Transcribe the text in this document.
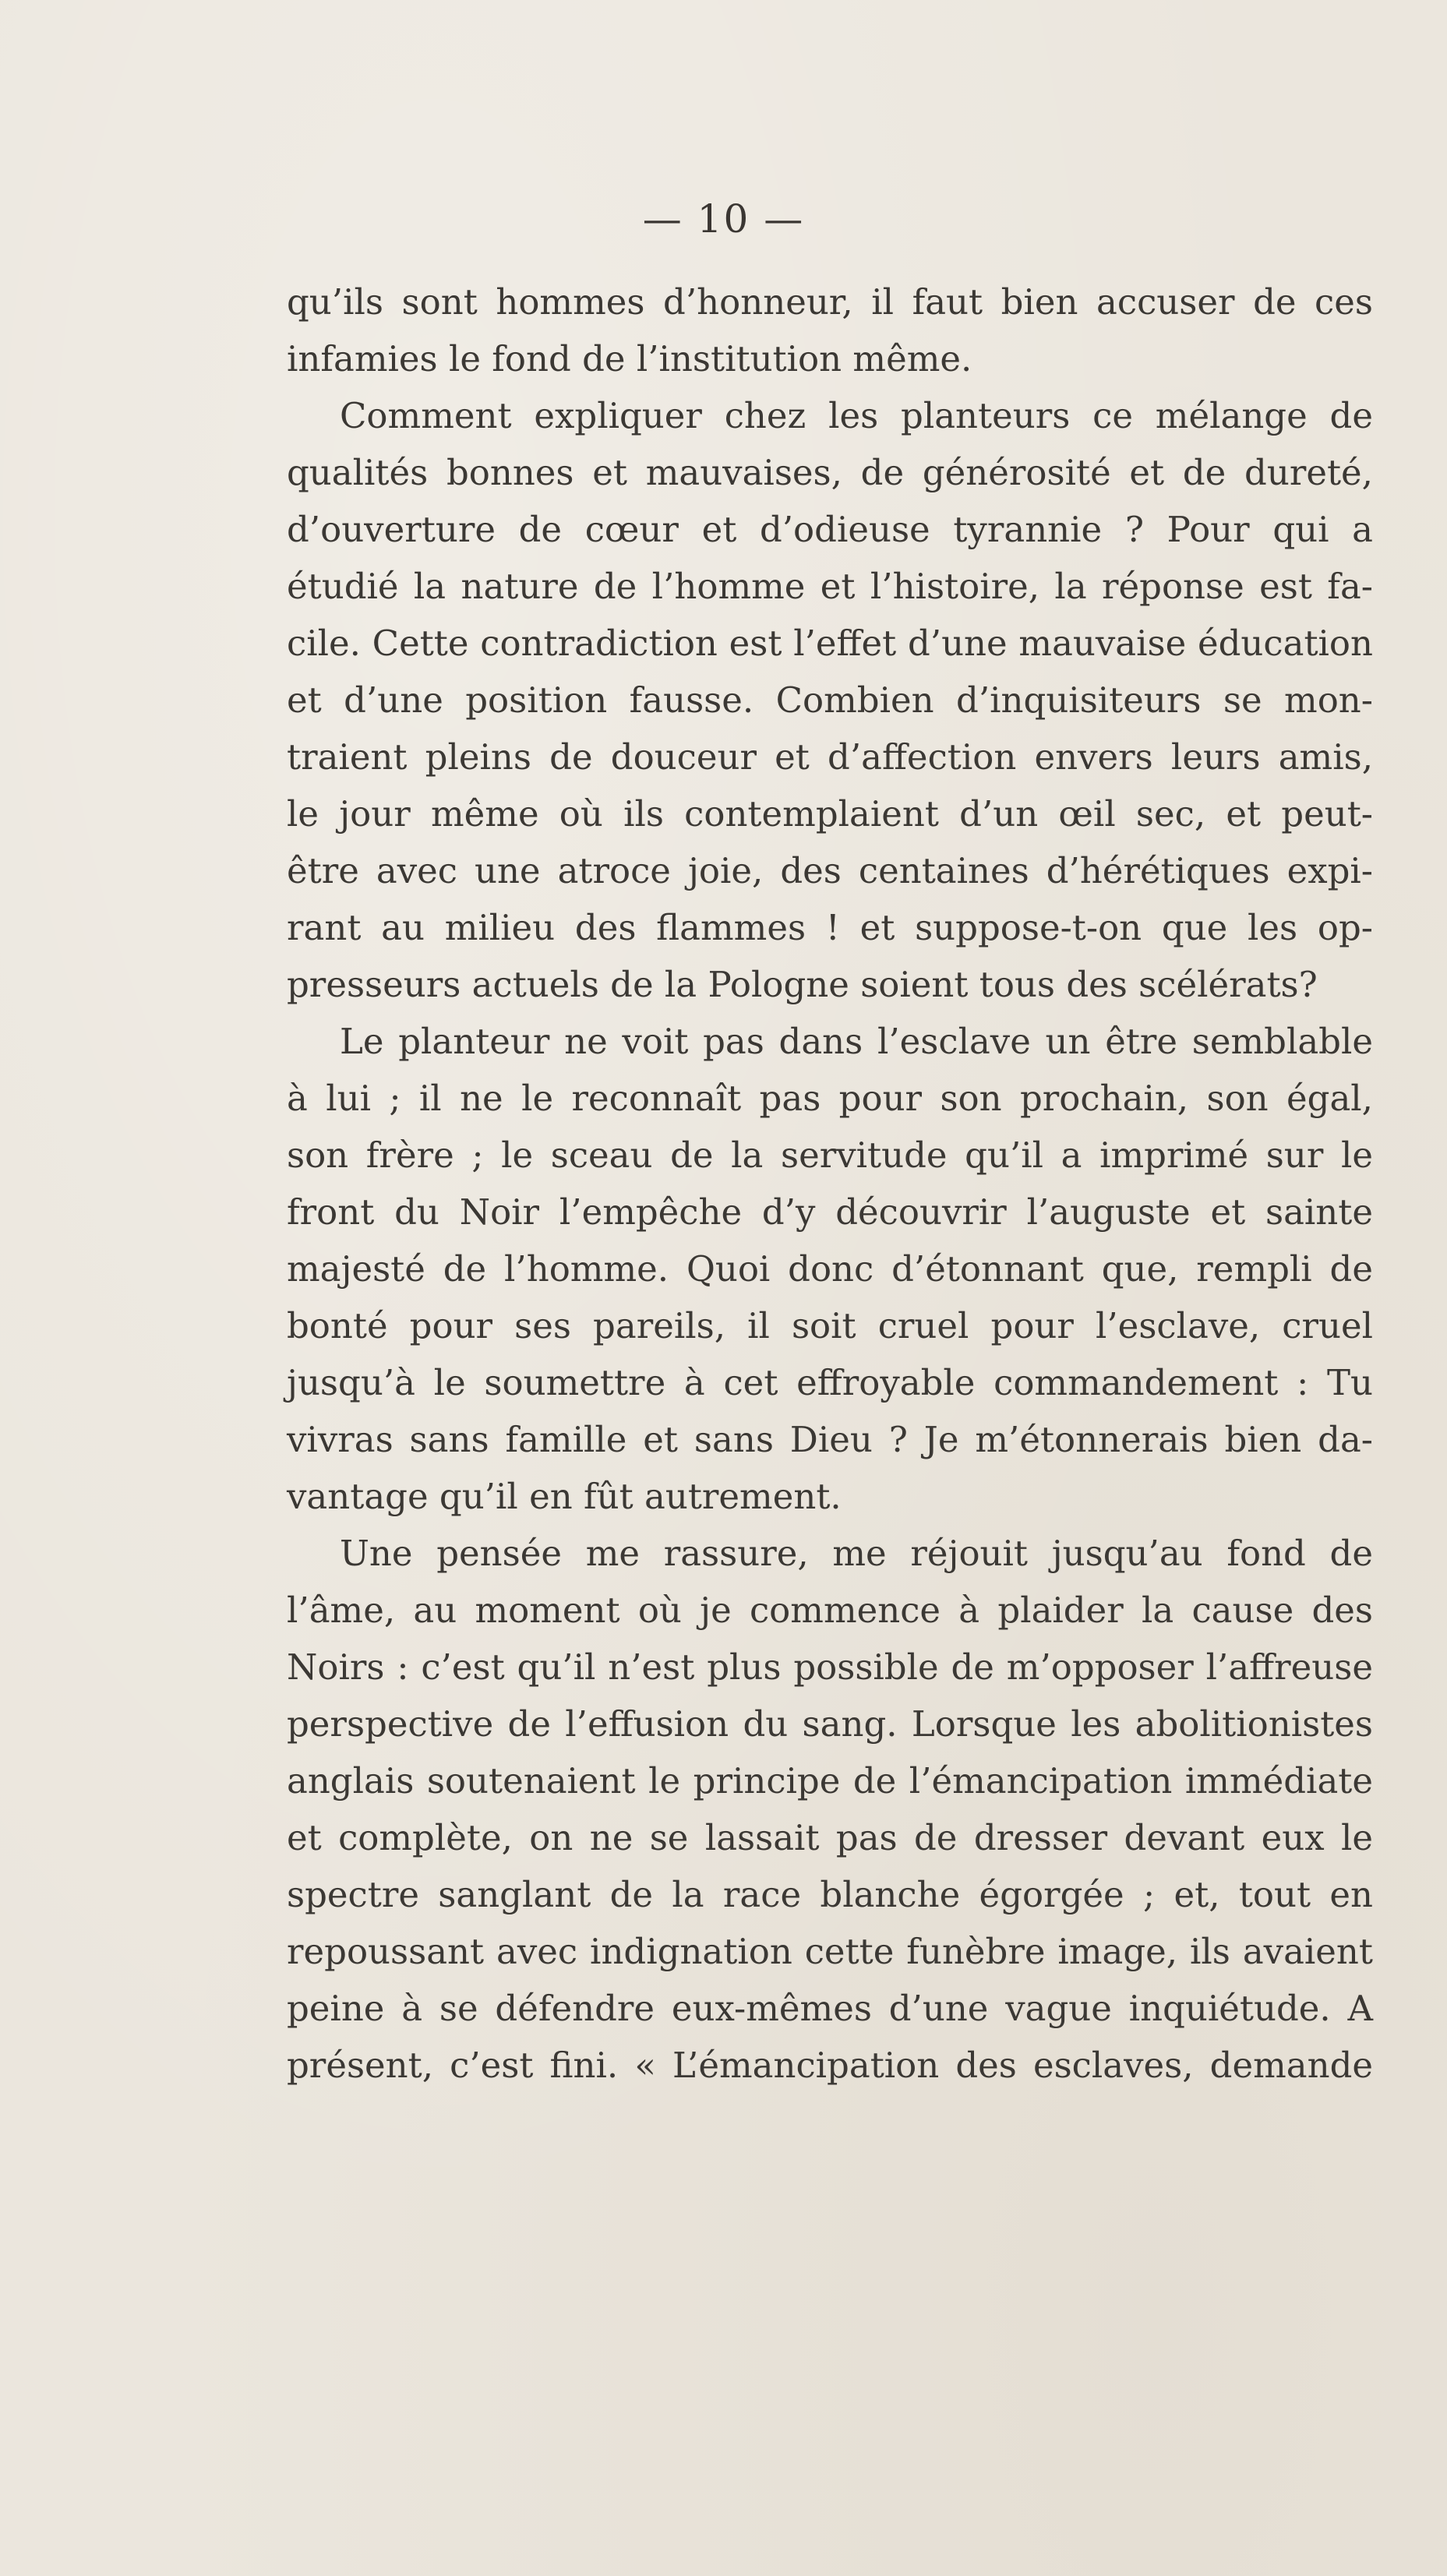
— 10 —
qu’ils sont hommes d’honneur, il faut bien accuser de ces
infamies le fond de l’institution même.
Comment expliquer chez les planteurs ce mélange de
qualités bonnes et mauvaises, de générosité et de dureté,
d’ouverture de cœur et d’odieuse tyrannie ? Pour qui a
étudié la nature de l’homme et l’histoire, la réponse est fa-
cile. Cette contradiction est l’effet d’une mauvaise éducation
et d’une position fausse. Combien d’inquisiteurs se mon-
traient pleins de douceur et d’affection envers leurs amis,
le jour même où ils contemplaient d’un œil sec, et peut-
être avec une atroce joie, des centaines d’hérétiques expi-
rant au milieu des flammes ! et suppose-t-on que les op-
presseurs actuels de la Pologne soient tous des scélérats?
Le planteur ne voit pas dans l’esclave un être semblable
à lui ; il ne le reconnaît pas pour son prochain, son égal,
son frère ; le sceau de la servitude qu’il a imprimé sur le
front du Noir l’empêche d’y découvrir l’auguste et sainte
majesté de l’homme. Quoi donc d’étonnant que, rempli de
bonté pour ses pareils, il soit cruel pour l’esclave, cruel
jusqu’à le soumettre à cet effroyable commandement : Tu
vivras sans famille et sans Dieu ? Je m’étonnerais bien da-
vantage qu’il en fût autrement.
Une pensée me rassure, me réjouit jusqu’au fond de
l’âme, au moment où je commence à plaider la cause des
Noirs : c’est qu’il n’est plus possible de m’opposer l’affreuse
perspective de l’effusion du sang. Lorsque les abolitionistes
anglais soutenaient le principe de l’émancipation immédiate
et complète, on ne se lassait pas de dresser devant eux le
spectre sanglant de la race blanche égorgée ; et, tout en
repoussant avec indignation cette funèbre image, ils avaient
peine à se défendre eux-mêmes d’une vague inquiétude. A
présent, c’est fini. « L’émancipation des esclaves, demande
